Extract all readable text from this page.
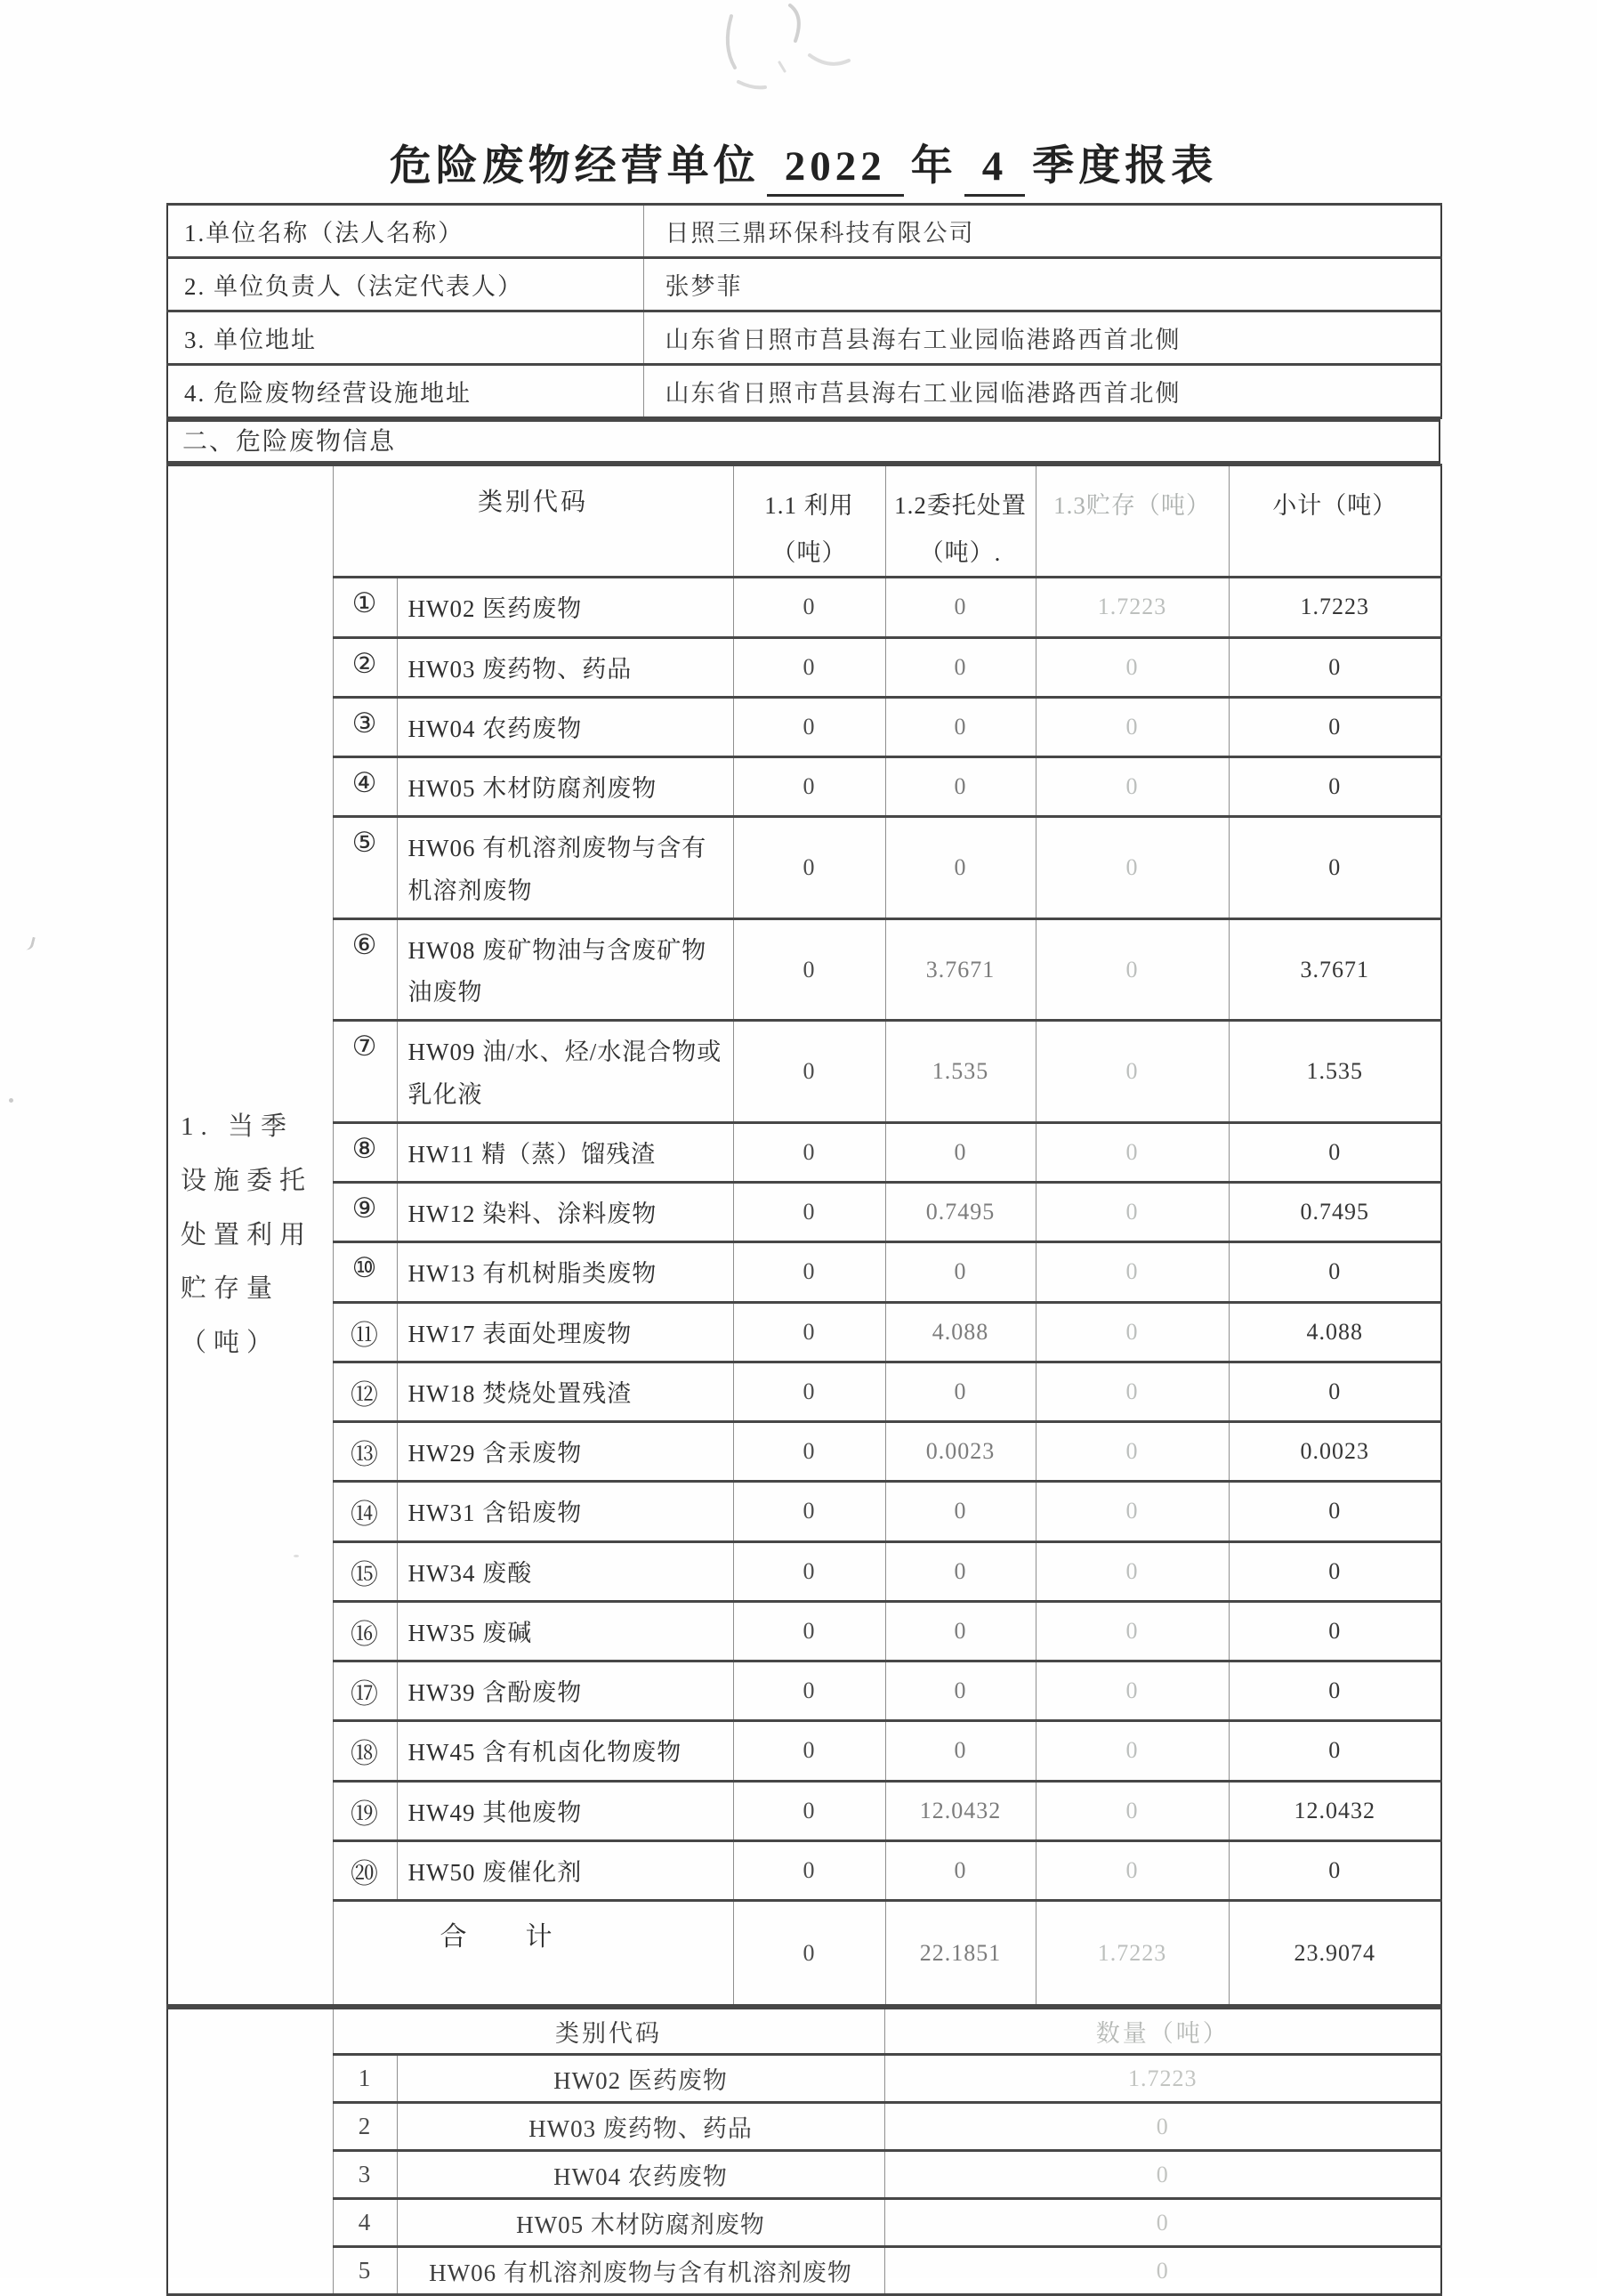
危险废物经营单位 2022 年 4 季度报表
1.单位名称（法人名称）	日照三鼎环保科技有限公司
2. 单位负责人（法定代表人）	张梦菲
3. 单位地址	山东省日照市莒县海右工业园临港路西首北侧
4. 危险废物经营设施地址	山东省日照市莒县海右工业园临港路西首北侧
二、危险废物信息
1. 当季设施委托处置利用贮存量（吨）	类别代码		1.1 利用（吨）	1.2委托处置（吨）.	1.3贮存（吨）	小计（吨）
	①	HW02 医药废物	0	0	1.7223	1.7223
	②	HW03 废药物、药品	0	0	0	0
	③	HW04 农药废物	0	0	0	0
	④	HW05 木材防腐剂废物	0	0	0	0
	⑤	HW06 有机溶剂废物与含有机溶剂废物	0	0	0	0
	⑥	HW08 废矿物油与含废矿物油废物	0	3.7671	0	3.7671
	⑦	HW09 油/水、烃/水混合物或乳化液	0	1.535	0	1.535
	⑧	HW11 精（蒸）馏残渣	0	0	0	0
	⑨	HW12 染料、涂料废物	0	0.7495	0	0.7495
	⑩	HW13 有机树脂类废物	0	0	0	0
	⑪	HW17 表面处理废物	0	4.088	0	4.088
	⑫	HW18 焚烧处置残渣	0	0	0	0
	⑬	HW29 含汞废物	0	0.0023	0	0.0023
	⑭	HW31 含铅废物	0	0	0	0
	⑮	HW34 废酸	0	0	0	0
	⑯	HW35 废碱	0	0	0	0
	⑰	HW39 含酚废物	0	0	0	0
	⑱	HW45 含有机卤化物废物	0	0	0	0
	⑲	HW49 其他废物	0	12.0432	0	12.0432
	⑳	HW50 废催化剂	0	0	0	0
	合　　计		0	22.1851	1.7223	23.9074
	类别代码		数量（吨）
	1	HW02 医药废物	1.7223
	2	HW03 废药物、药品	0
	3	HW04 农药废物	0
	4	HW05 木材防腐剂废物	0
	5	HW06 有机溶剂废物与含有机溶剂废物	0
